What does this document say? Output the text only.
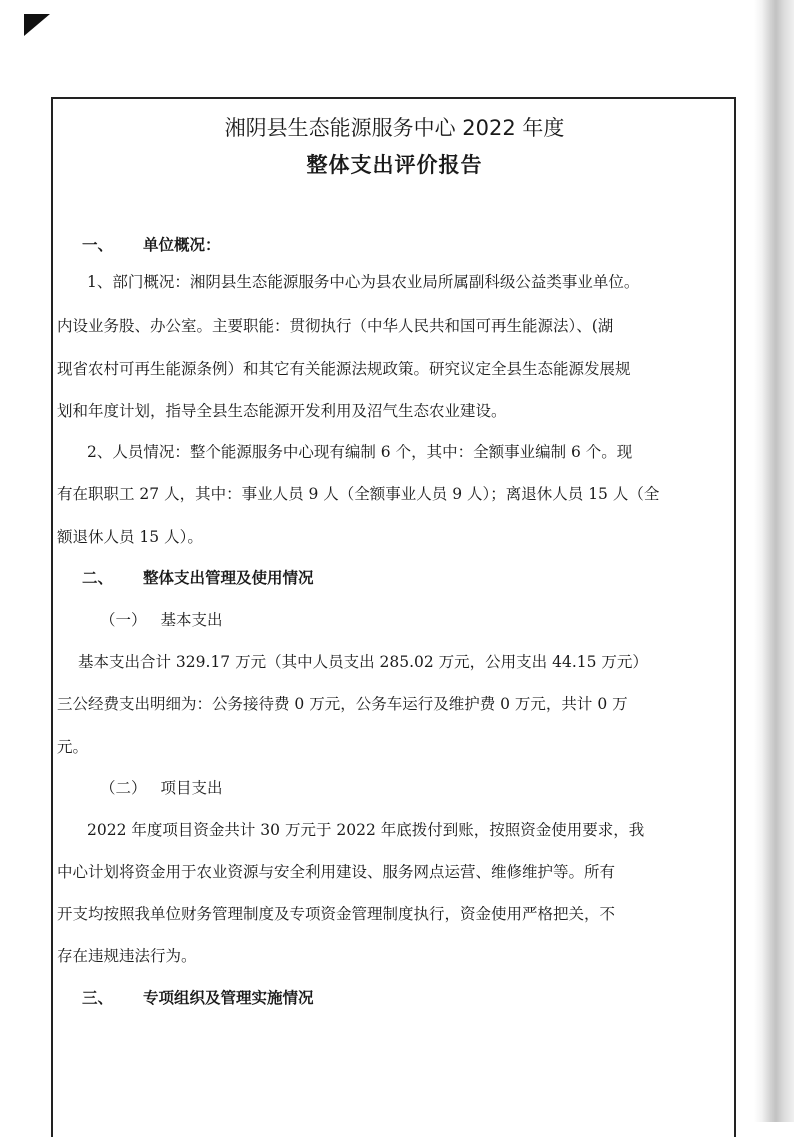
湘阴县生态能源服务中心 2022 年度
整体支出评价报告

一、 单位概况：

1、部门概况：湘阴县生态能源服务中心为县农业局所属副科级公益类事业单位。

内设业务股、办公室。主要职能：贯彻执行（中华人民共和国可再生能源法）、(湖

现省农村可再生能源条例）和其它有关能源法规政策。研究议定全县生态能源发展规

划和年度计划，指导全县生态能源开发利用及沼气生态农业建设。

2、人员情况：整个能源服务中心现有编制 6 个，其中：全额事业编制 6 个。现

有在职职工 27 人，其中：事业人员 9 人（全额事业人员 9 人）；离退休人员 15 人（全

额退休人员 15 人）。

二、 整体支出管理及使用情况

（一） 基本支出

基本支出合计 329.17 万元（其中人员支出 285.02 万元，公用支出 44.15 万元）

三公经费支出明细为：公务接待费 0 万元，公务车运行及维护费 0 万元，共计 0 万

元。

（二） 项目支出

2022 年度项目资金共计 30 万元于 2022 年底拨付到账，按照资金使用要求，我

中心计划将资金用于农业资源与安全利用建设、服务网点运营、维修维护等。所有

开支均按照我单位财务管理制度及专项资金管理制度执行，资金使用严格把关，不

存在违规违法行为。

三、 专项组织及管理实施情况
